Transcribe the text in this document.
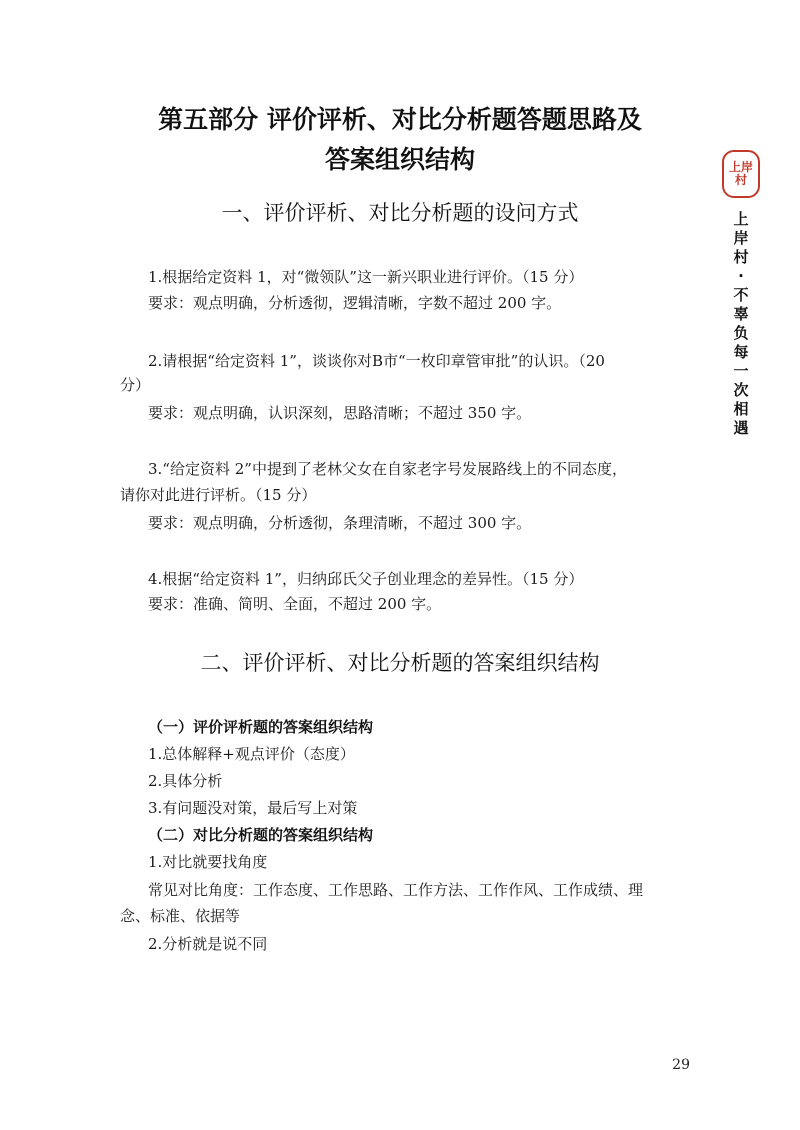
第五部分 评价评析、对比分析题答题思路及
答案组织结构
一、评价评析、对比分析题的设问方式
1.根据给定资料 1，对“微领队”这一新兴职业进行评价。（15 分）
要求：观点明确，分析透彻，逻辑清晰，字数不超过 200 字。
2.请根据“给定资料 1”，谈谈你对B市“一枚印章管审批”的认识。（20
分）
要求：观点明确，认识深刻，思路清晰；不超过 350 字。
3.“给定资料 2”中提到了老林父女在自家老字号发展路线上的不同态度，
请你对此进行评析。（15 分）
要求：观点明确，分析透彻，条理清晰，不超过 300 字。
4.根据“给定资料 1”，归纳邱氏父子创业理念的差异性。（15 分）
要求：准确、简明、全面，不超过 200 字。
二、评价评析、对比分析题的答案组织结构
（一）评价评析题的答案组织结构
1.总体解释+观点评价（态度）
2.具体分析
3.有问题没对策，最后写上对策
（二）对比分析题的答案组织结构
1.对比就要找角度
常见对比角度：工作态度、工作思路、工作方法、工作作风、工作成绩、理
念、标准、依据等
2.分析就是说不同
上岸
村
上
岸
村
·
不
辜
负
每
一
次
相
遇
29
